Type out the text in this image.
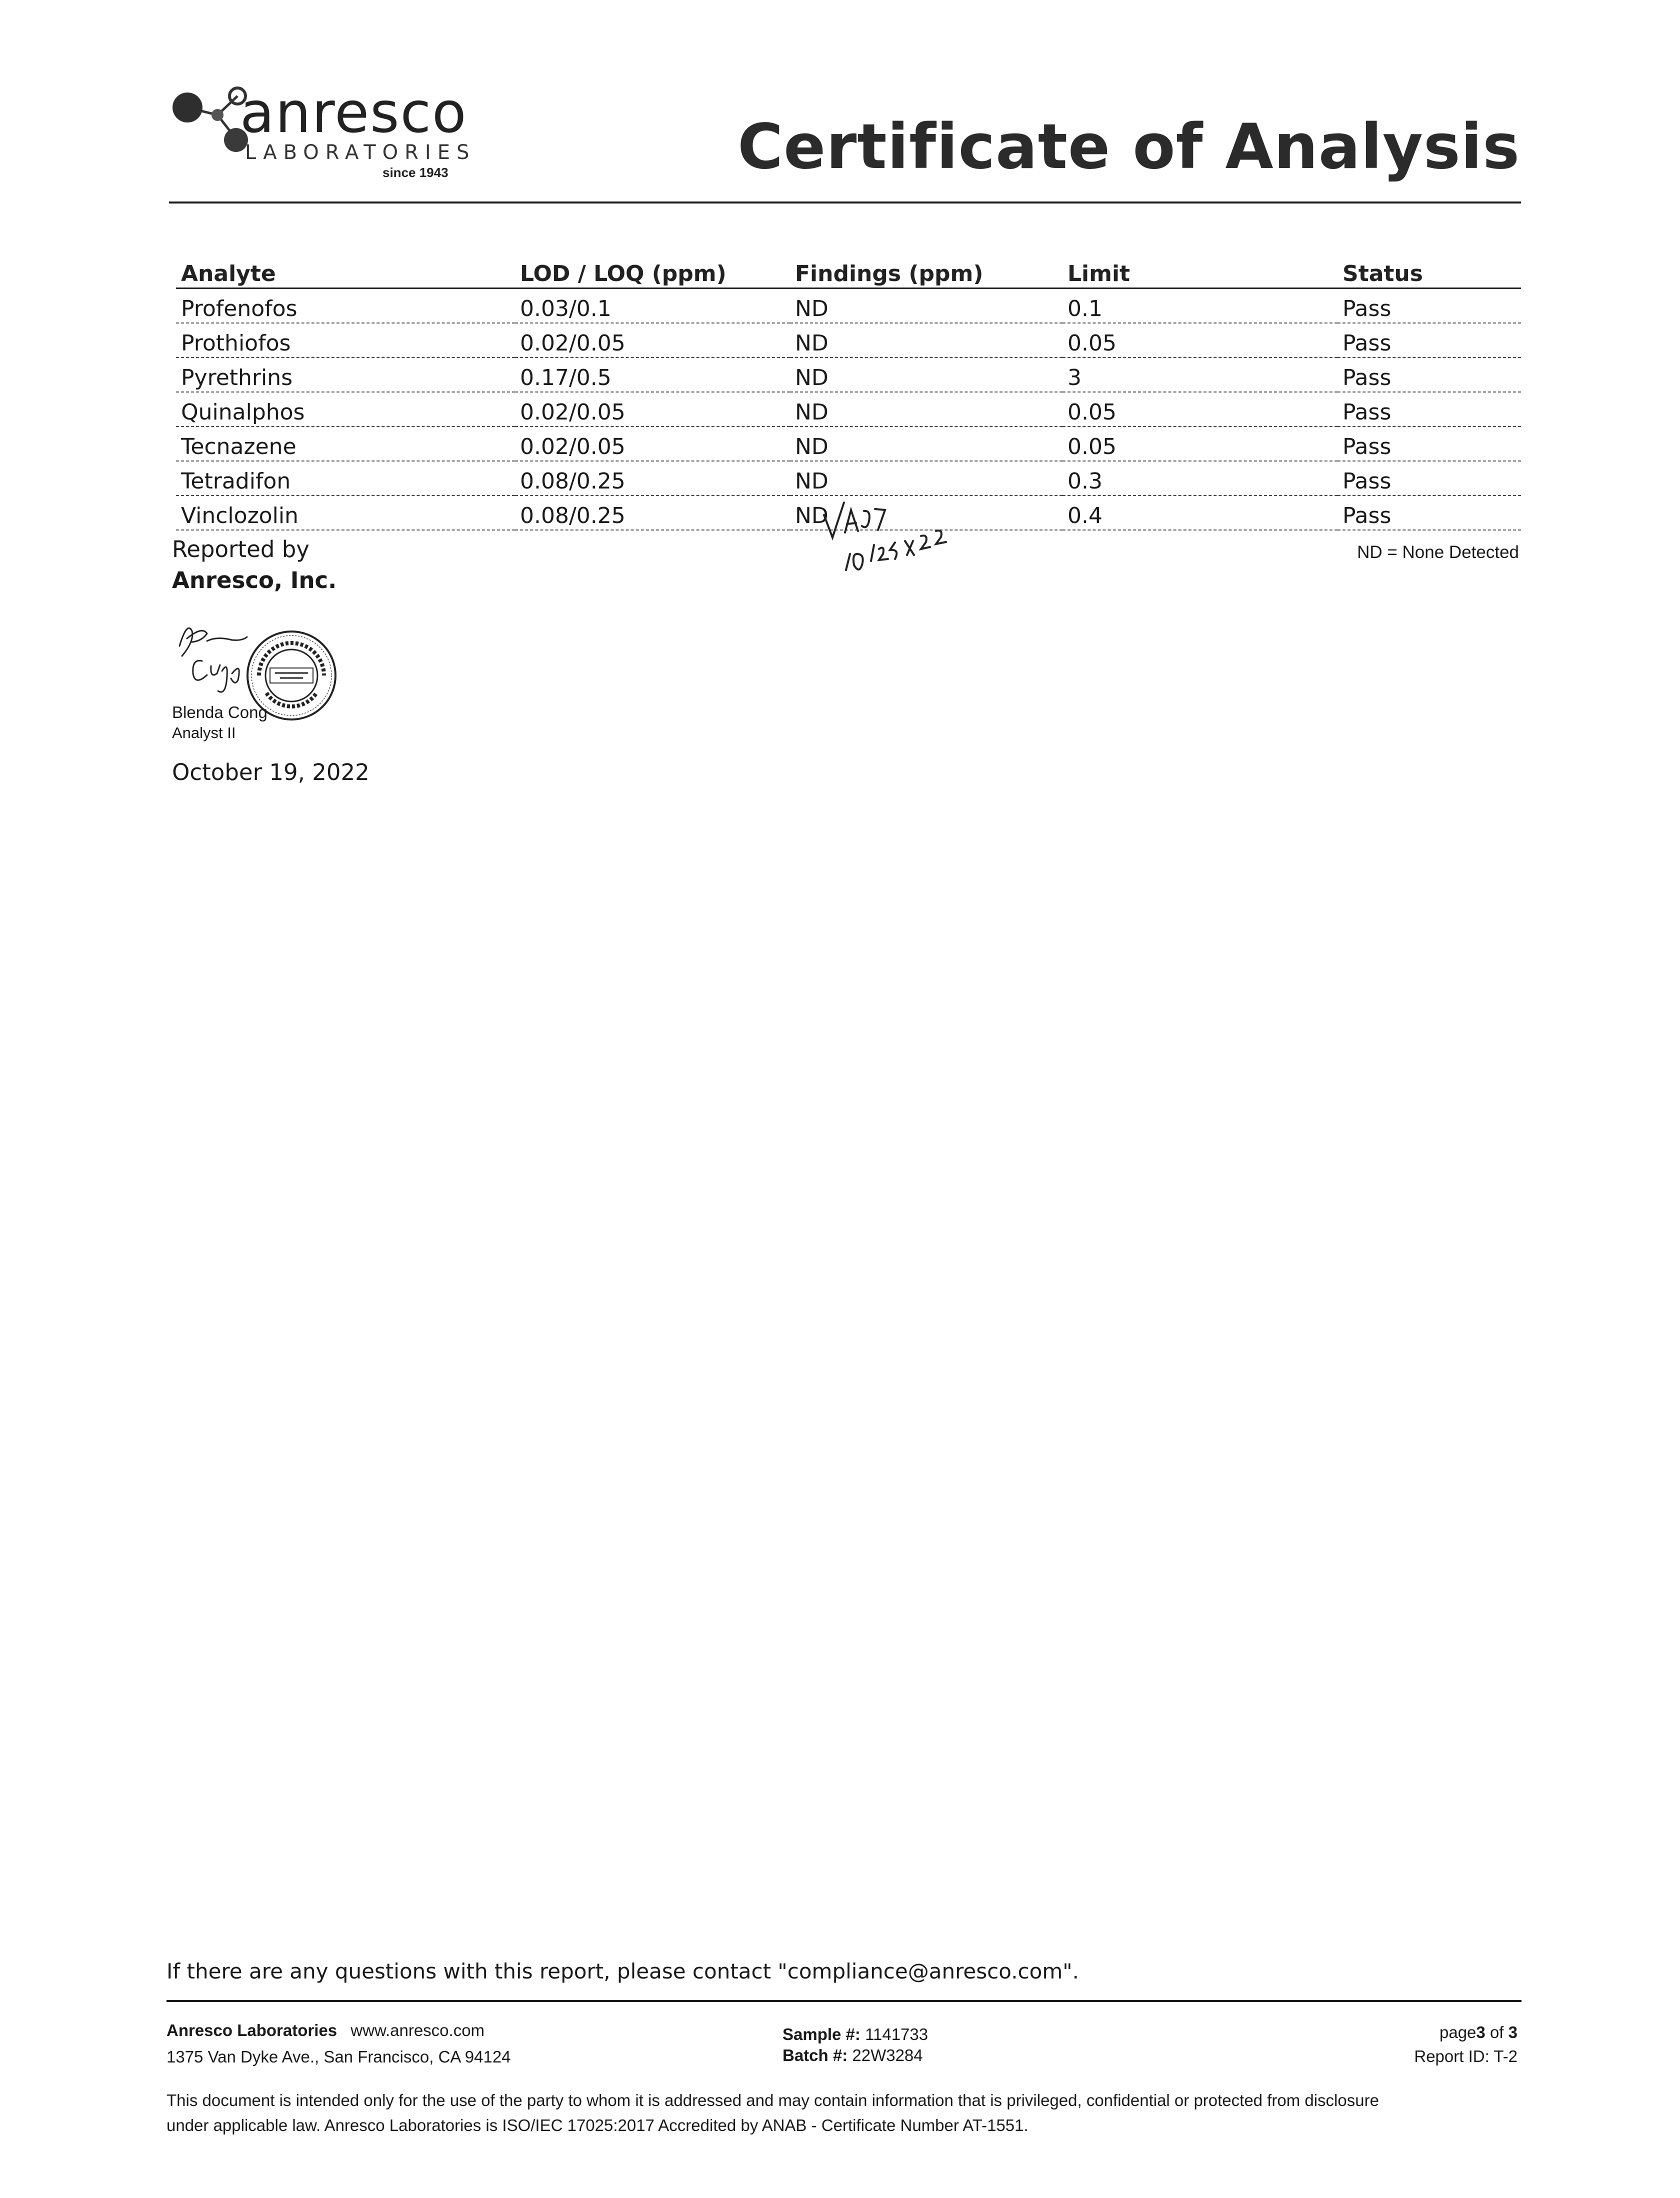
anresco
LABORATORIES
since 1943	Certificate of Analysis
Analyte	LOD / LOQ (ppm)	Findings (ppm)	Limit	Status
Profenofos	0.03/0.1	ND	0.1	Pass
Prothiofos	0.02/0.05	ND	0.05	Pass
Pyrethrins	0.17/0.5	ND	3	Pass
Quinalphos	0.02/0.05	ND	0.05	Pass
Tecnazene	0.02/0.05	ND	0.05	Pass
Tetradifon	0.08/0.25	ND	0.3	Pass
Vinclozolin	0.08/0.25	ND	0.4	Pass
Reported by
Anresco, Inc.
Blenda Cong
Analyst II
October 19, 2022
ND = None Detected
If there are any questions with this report, please contact "compliance@anresco.com".
Anresco Laboratories www.anresco.com
1375 Van Dyke Ave., San Francisco, CA 94124
Sample #: 1141733
Batch #: 22W3284
page3 of 3
Report ID: T-2
This document is intended only for the use of the party to whom it is addressed and may contain information that is privileged, confidential or protected from disclosure
under applicable law. Anresco Laboratories is ISO/IEC 17025:2017 Accredited by ANAB - Certificate Number AT-1551.
